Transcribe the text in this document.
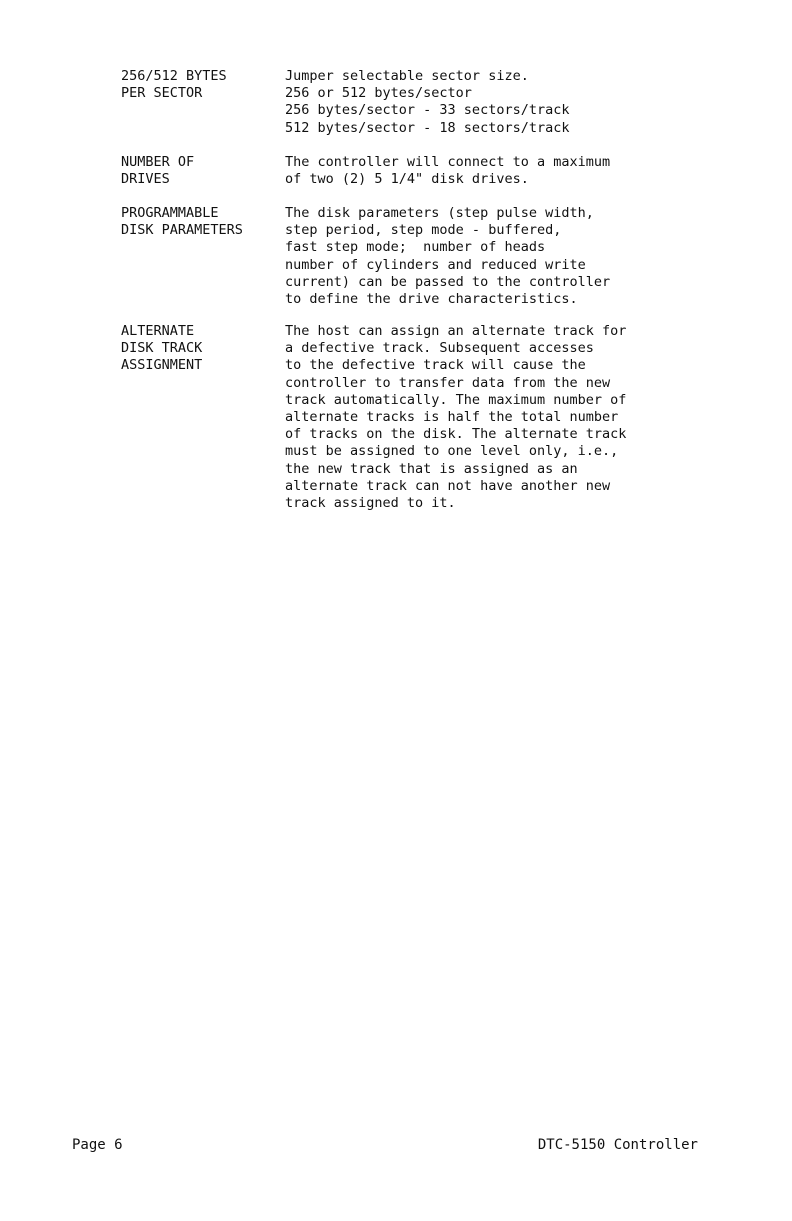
256/512 BYTES
PER SECTOR
Jumper selectable sector size.
256 or 512 bytes/sector
256 bytes/sector - 33 sectors/track
512 bytes/sector - 18 sectors/track
NUMBER OF
DRIVES
The controller will connect to a maximum
of two (2) 5 1/4" disk drives.
PROGRAMMABLE
DISK PARAMETERS
The disk parameters (step pulse width,
step period, step mode - buffered,
fast step mode;  number of heads
number of cylinders and reduced write
current) can be passed to the controller
to define the drive characteristics.
ALTERNATE
DISK TRACK
ASSIGNMENT
The host can assign an alternate track for
a defective track. Subsequent accesses
to the defective track will cause the
controller to transfer data from the new
track automatically. The maximum number of
alternate tracks is half the total number
of tracks on the disk. The alternate track
must be assigned to one level only, i.e.,
the new track that is assigned as an
alternate track can not have another new
track assigned to it.
Page 6	DTC-5150 Controller
